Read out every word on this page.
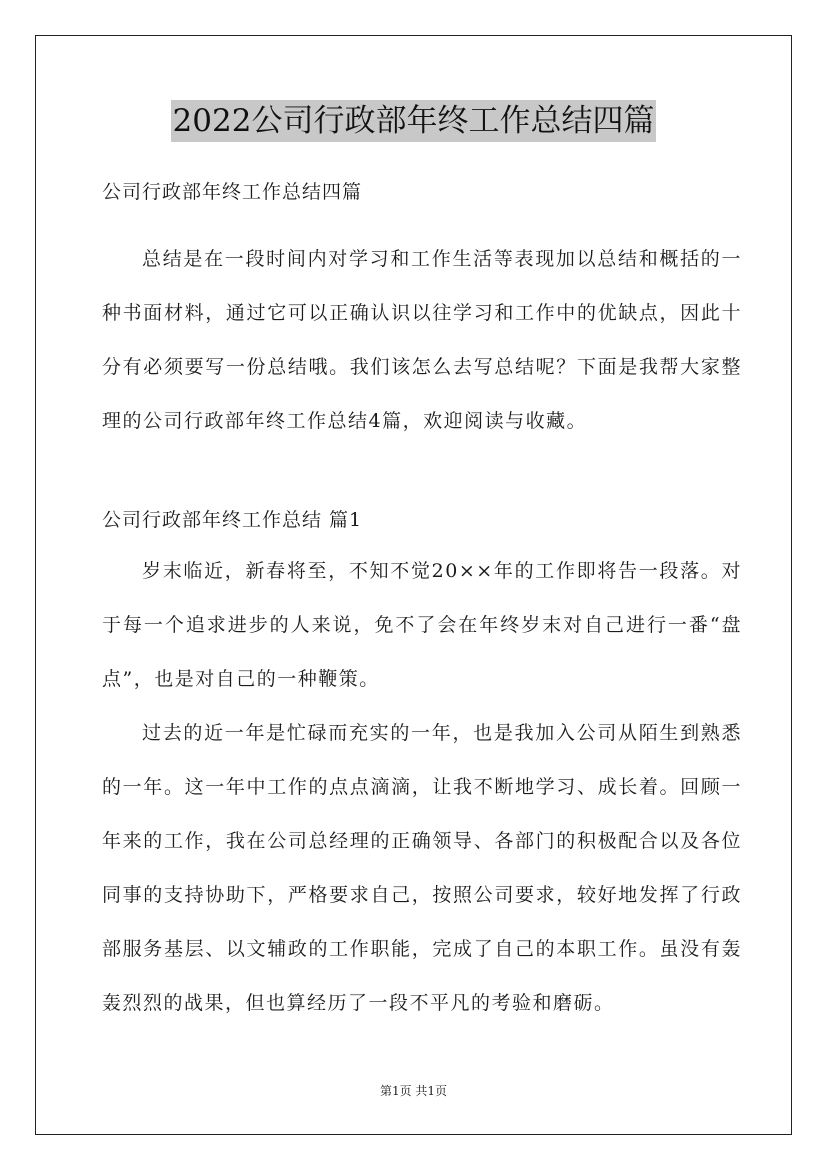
2022公司行政部年终工作总结四篇

公司行政部年终工作总结四篇

总结是在一段时间内对学习和工作生活等表现加以总结和概括的一种书面材料，通过它可以正确认识以往学习和工作中的优缺点，因此十分有必须要写一份总结哦。我们该怎么去写总结呢？下面是我帮大家整理的公司行政部年终工作总结4篇，欢迎阅读与收藏。

公司行政部年终工作总结 篇1

岁末临近，新春将至，不知不觉20××年的工作即将告一段落。对于每一个追求进步的人来说，免不了会在年终岁末对自己进行一番“盘点”，也是对自己的一种鞭策。

过去的近一年是忙碌而充实的一年，也是我加入公司从陌生到熟悉的一年。这一年中工作的点点滴滴，让我不断地学习、成长着。回顾一年来的工作，我在公司总经理的正确领导、各部门的积极配合以及各位同事的支持协助下，严格要求自己，按照公司要求，较好地发挥了行政部服务基层、以文辅政的工作职能，完成了自己的本职工作。虽没有轰轰烈烈的战果，但也算经历了一段不平凡的考验和磨砺。

第1页 共1页
